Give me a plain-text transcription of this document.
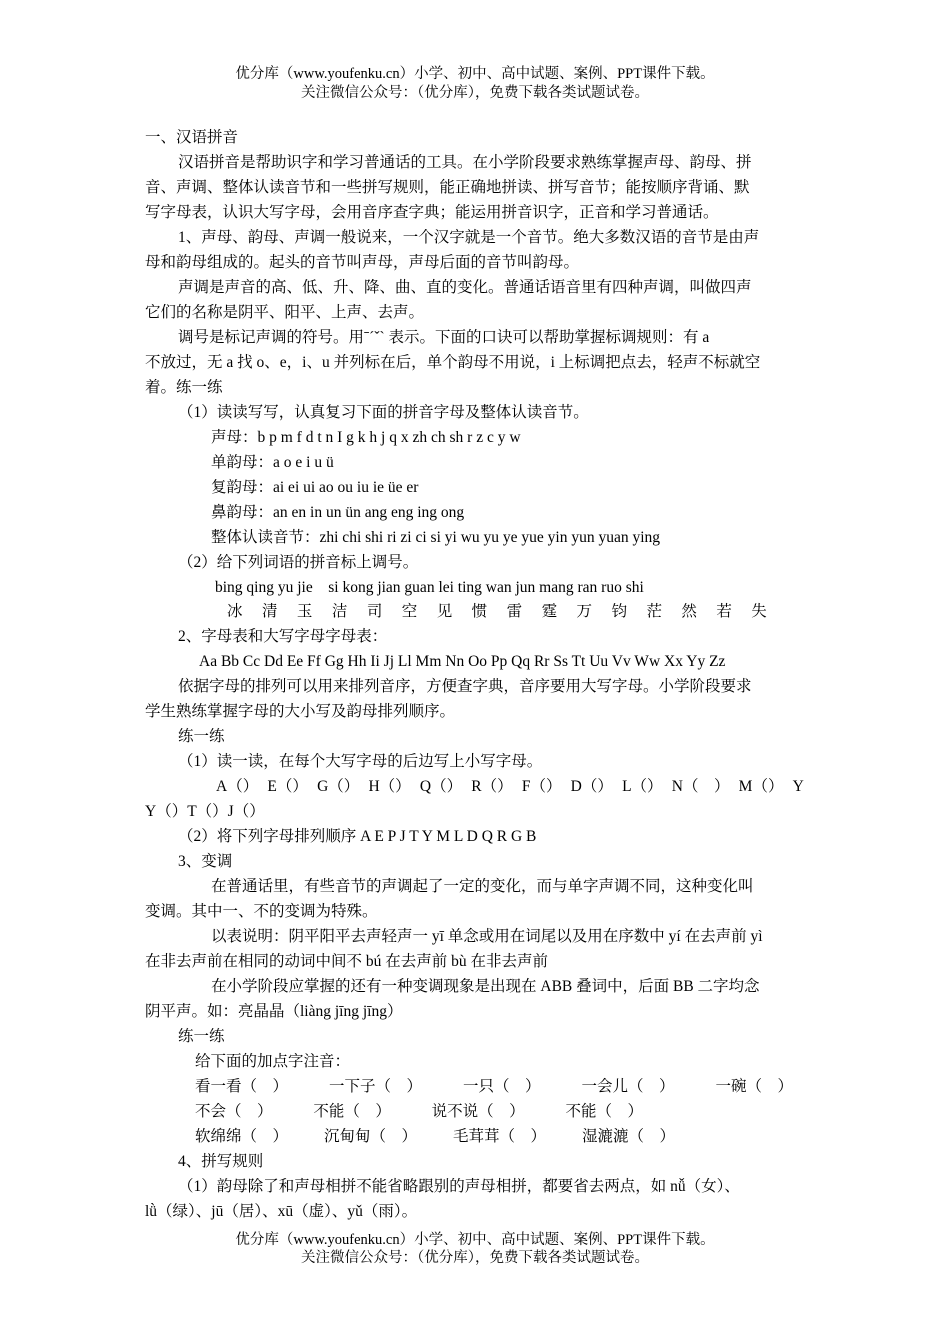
优分库（www.youfenku.cn）小学、初中、高中试题、案例、PPT课件下载。
关注微信公众号：（优分库），免费下载各类试题试卷。
一、汉语拼音
汉语拼音是帮助识字和学习普通话的工具。在小学阶段要求熟练掌握声母、韵母、拼
音、声调、整体认读音节和一些拼写规则，能正确地拼读、拼写音节；能按顺序背诵、默
写字母表，认识大写字母，会用音序查字典；能运用拼音识字，正音和学习普通话。
1、声母、韵母、声调一般说来，一个汉字就是一个音节。绝大多数汉语的音节是由声
母和韵母组成的。起头的音节叫声母，声母后面的音节叫韵母。
声调是声音的高、低、升、降、曲、直的变化。普通话语音里有四种声调，叫做四声
它们的名称是阴平、阳平、上声、去声。
调号是标记声调的符号。用ˉˊˇˋ 表示。下面的口诀可以帮助掌握标调规则：有 a
不放过，无 a 找 o、e，i、u 并列标在后，单个韵母不用说，i 上标调把点去，轻声不标就空
着。练一练
（1）读读写写，认真复习下面的拼音字母及整体认读音节。
声母：b p m f d t n I g k h j q x zh ch sh r z c y w
单韵母：a o e i u ü
复韵母：ai ei ui ao ou iu ie üe er
鼻韵母：an en in un ün ang eng ing ong
整体认读音节：zhi chi shi ri zi ci si yi wu yu ye yue yin yun yuan ying
（2）给下列词语的拼音标上调号。
bing qing yu jie    si kong jian guan lei ting wan jun mang ran ruo shi
冰 清 玉 洁 司 空 见 惯 雷 霆 万 钧 茫 然 若 失
2、字母表和大写字母字母表：
Aa Bb Cc Dd Ee Ff Gg Hh Ii Jj Ll Mm Nn Oo Pp Qq Rr Ss Tt Uu Vv Ww Xx Yy Zz
依据字母的排列可以用来排列音序，方便查字典，音序要用大写字母。小学阶段要求
学生熟练掌握字母的大小写及韵母排列顺序。
练一练
（1）读一读，在每个大写字母的后边写上小写字母。
A（） E（） G（） H（） Q（） R（） F（） D（） L（） N（　） M（） Y
Y（）T（）J（）
（2）将下列字母排列顺序 A E P J T Y M L D Q R G B
3、变调
在普通话里，有些音节的声调起了一定的变化，而与单字声调不同，这种变化叫
变调。其中一、不的变调为特殊。
以表说明：阴平阳平去声轻声一 yī 单念或用在词尾以及用在序数中 yí 在去声前 yì
在非去声前在相同的动词中间不 bú 在去声前 bù 在非去声前
在小学阶段应掌握的还有一种变调现象是出现在 ABB 叠词中，后面 BB 二字均念
阴平声。如：亮晶晶（liàng jīng jīng）
练一练
给下面的加点字注音：
看一看（　）	一下子（　）	一只（　）	一会儿（　）	一碗（　）
不会（　）	不能（　）	说不说（　）	不能（　）
软绵绵（　） 沉甸甸（　） 毛茸茸（　） 湿漉漉（　）
4、拼写规则
（1）韵母除了和声母相拼不能省略跟别的声母相拼，都要省去两点，如 nǚ（女）、
lǜ（绿）、jū（居）、xū（虚）、yǔ（雨）。
优分库（www.youfenku.cn）小学、初中、高中试题、案例、PPT课件下载。
关注微信公众号：（优分库），免费下载各类试题试卷。
